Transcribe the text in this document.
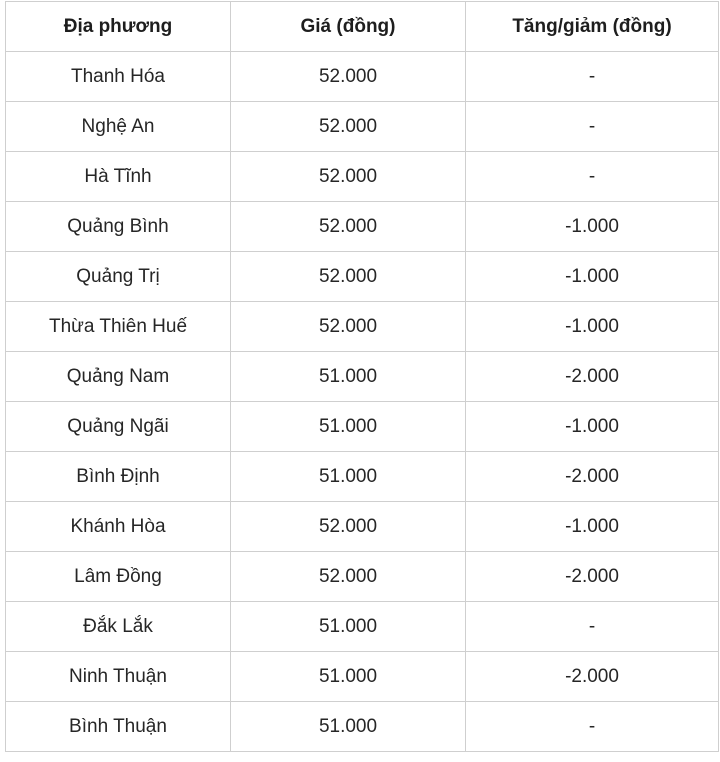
Địa phương	Giá (đồng)	Tăng/giảm (đồng)
Thanh Hóa	52.000	-
Nghệ An	52.000	-
Hà Tĩnh	52.000	-
Quảng Bình	52.000	-1.000
Quảng Trị	52.000	-1.000
Thừa Thiên Huế	52.000	-1.000
Quảng Nam	51.000	-2.000
Quảng Ngãi	51.000	-1.000
Bình Định	51.000	-2.000
Khánh Hòa	52.000	-1.000
Lâm Đồng	52.000	-2.000
Đắk Lắk	51.000	-
Ninh Thuận	51.000	-2.000
Bình Thuận	51.000	-
